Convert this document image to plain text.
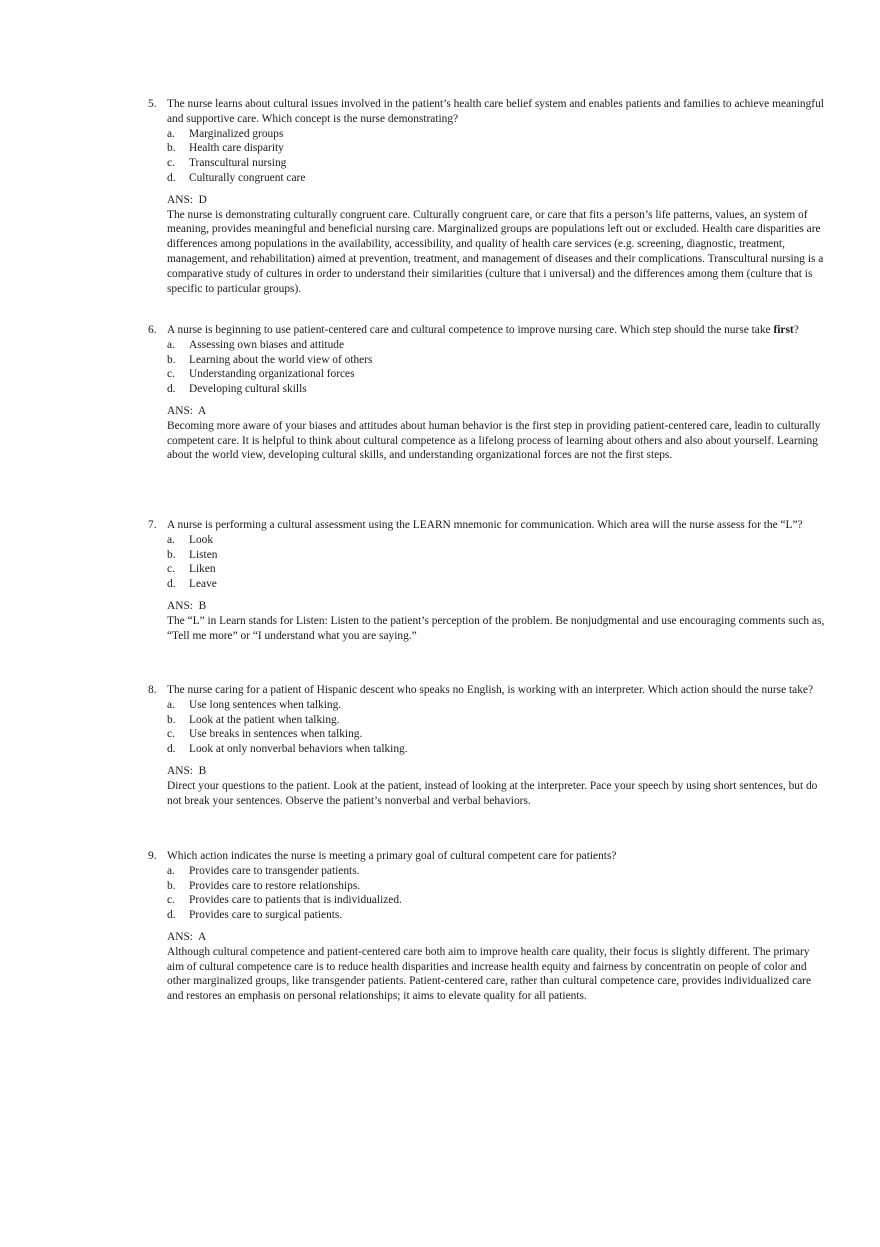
5. The nurse learns about cultural issues involved in the patient’s health care belief system and enables patients and families to achieve meaningful and supportive care. Which concept is the nurse demonstrating?
a. Marginalized groups
b. Health care disparity
c. Transcultural nursing
d. Culturally congruent care
ANS:  D
The nurse is demonstrating culturally congruent care. Culturally congruent care, or care that fits a person’s life patterns, values, an system of meaning, provides meaningful and beneficial nursing care. Marginalized groups are populations left out or excluded. Health care disparities are differences among populations in the availability, accessibility, and quality of health care services (e.g. screening, diagnostic, treatment, management, and rehabilitation) aimed at prevention, treatment, and management of diseases and their complications. Transcultural nursing is a comparative study of cultures in order to understand their similarities (culture that i universal) and the differences among them (culture that is specific to particular groups).
6. A nurse is beginning to use patient-centered care and cultural competence to improve nursing care. Which step should the nurse take first?
a. Assessing own biases and attitude
b. Learning about the world view of others
c. Understanding organizational forces
d. Developing cultural skills
ANS:  A
Becoming more aware of your biases and attitudes about human behavior is the first step in providing patient-centered care, leadin to culturally competent care. It is helpful to think about cultural competence as a lifelong process of learning about others and also about yourself. Learning about the world view, developing cultural skills, and understanding organizational forces are not the first steps.
7. A nurse is performing a cultural assessment using the LEARN mnemonic for communication. Which area will the nurse assess for the “L”?
a. Look
b. Listen
c. Liken
d. Leave
ANS:  B
The “L” in Learn stands for Listen: Listen to the patient’s perception of the problem. Be nonjudgmental and use encouraging comments such as, “Tell me more” or “I understand what you are saying.”
8. The nurse caring for a patient of Hispanic descent who speaks no English, is working with an interpreter. Which action should the nurse take?
a. Use long sentences when talking.
b. Look at the patient when talking.
c. Use breaks in sentences when talking.
d. Look at only nonverbal behaviors when talking.
ANS:  B
Direct your questions to the patient. Look at the patient, instead of looking at the interpreter. Pace your speech by using short sentences, but do not break your sentences. Observe the patient’s nonverbal and verbal behaviors.
9. Which action indicates the nurse is meeting a primary goal of cultural competent care for patients?
a. Provides care to transgender patients.
b. Provides care to restore relationships.
c. Provides care to patients that is individualized.
d. Provides care to surgical patients.
ANS:  A
Although cultural competence and patient-centered care both aim to improve health care quality, their focus is slightly different. The primary aim of cultural competence care is to reduce health disparities and increase health equity and fairness by concentratin on people of color and other marginalized groups, like transgender patients. Patient-centered care, rather than cultural competence care, provides individualized care and restores an emphasis on personal relationships; it aims to elevate quality for all patients.
